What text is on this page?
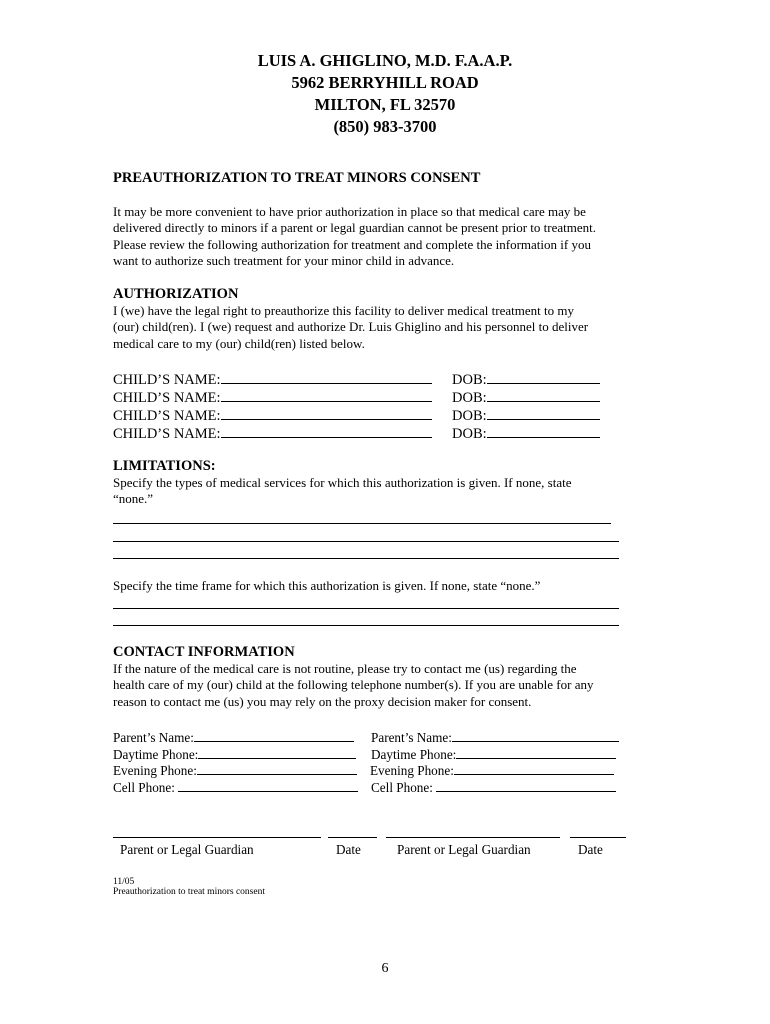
LUIS A. GHIGLINO, M.D. F.A.A.P.
5962 BERRYHILL ROAD
MILTON, FL 32570
(850) 983-3700
PREAUTHORIZATION TO TREAT MINORS CONSENT
It may be more convenient to have prior authorization in place so that medical care may be
delivered directly to minors if a parent or legal guardian cannot be present prior to treatment.
Please review the following authorization for treatment and complete the information if you
want to authorize such treatment for your minor child in advance.
AUTHORIZATION
I (we) have the legal right to preauthorize this facility to deliver medical treatment to my
(our) child(ren). I (we) request and authorize Dr. Luis Ghiglino and his personnel to deliver
medical care to my (our) child(ren) listed below.
CHILD’S NAME:	DOB:
CHILD’S NAME:	DOB:
CHILD’S NAME:	DOB:
CHILD’S NAME:	DOB:
LIMITATIONS:
Specify the types of medical services for which this authorization is given. If none, state
“none.”
Specify the time frame for which this authorization is given. If none, state “none.”
CONTACT INFORMATION
If the nature of the medical care is not routine, please try to contact me (us) regarding the
health care of my (our) child at the following telephone number(s). If you are unable for any
reason to contact me (us) you may rely on the proxy decision maker for consent.
Parent’s Name:	Parent’s Name:
Daytime Phone:	Daytime Phone:
Evening Phone:	Evening Phone:
Cell Phone:	Cell Phone:
Parent or Legal Guardian	Date	Parent or Legal Guardian	Date
11/05
Preauthorization to treat minors consent
6
